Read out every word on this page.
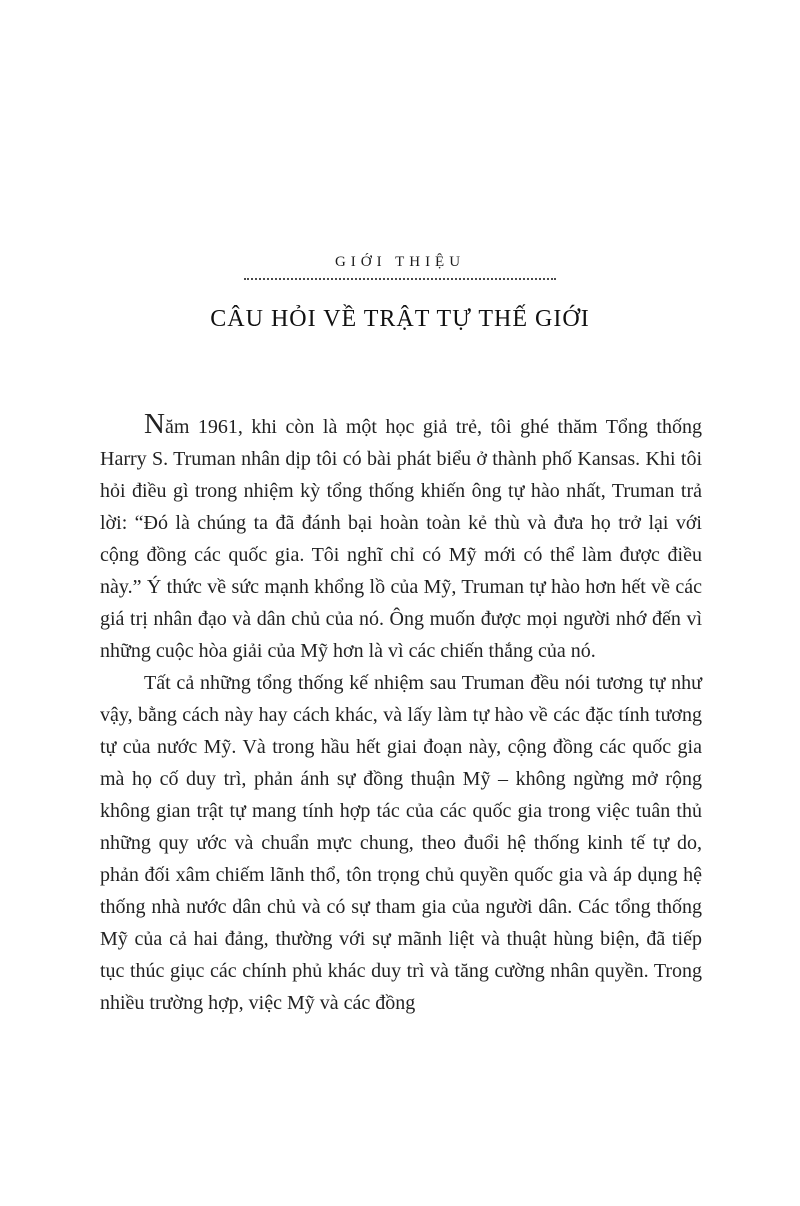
GIỚI THIỆU
CÂU HỎI VỀ TRẬT TỰ THẾ GIỚI

Năm 1961, khi còn là một học giả trẻ, tôi ghé thăm Tổng thống Harry S. Truman nhân dịp tôi có bài phát biểu ở thành phố Kansas. Khi tôi hỏi điều gì trong nhiệm kỳ tổng thống khiến ông tự hào nhất, Truman trả lời: “Đó là chúng ta đã đánh bại hoàn toàn kẻ thù và đưa họ trở lại với cộng đồng các quốc gia. Tôi nghĩ chỉ có Mỹ mới có thể làm được điều này.” Ý thức về sức mạnh khổng lồ của Mỹ, Truman tự hào hơn hết về các giá trị nhân đạo và dân chủ của nó. Ông muốn được mọi người nhớ đến vì những cuộc hòa giải của Mỹ hơn là vì các chiến thắng của nó.

Tất cả những tổng thống kế nhiệm sau Truman đều nói tương tự như vậy, bằng cách này hay cách khác, và lấy làm tự hào về các đặc tính tương tự của nước Mỹ. Và trong hầu hết giai đoạn này, cộng đồng các quốc gia mà họ cố duy trì, phản ánh sự đồng thuận Mỹ – không ngừng mở rộng không gian trật tự mang tính hợp tác của các quốc gia trong việc tuân thủ những quy ước và chuẩn mực chung, theo đuổi hệ thống kinh tế tự do, phản đối xâm chiếm lãnh thổ, tôn trọng chủ quyền quốc gia và áp dụng hệ thống nhà nước dân chủ và có sự tham gia của người dân. Các tổng thống Mỹ của cả hai đảng, thường với sự mãnh liệt và thuật hùng biện, đã tiếp tục thúc giục các chính phủ khác duy trì và tăng cường nhân quyền. Trong nhiều trường hợp, việc Mỹ và các đồng
